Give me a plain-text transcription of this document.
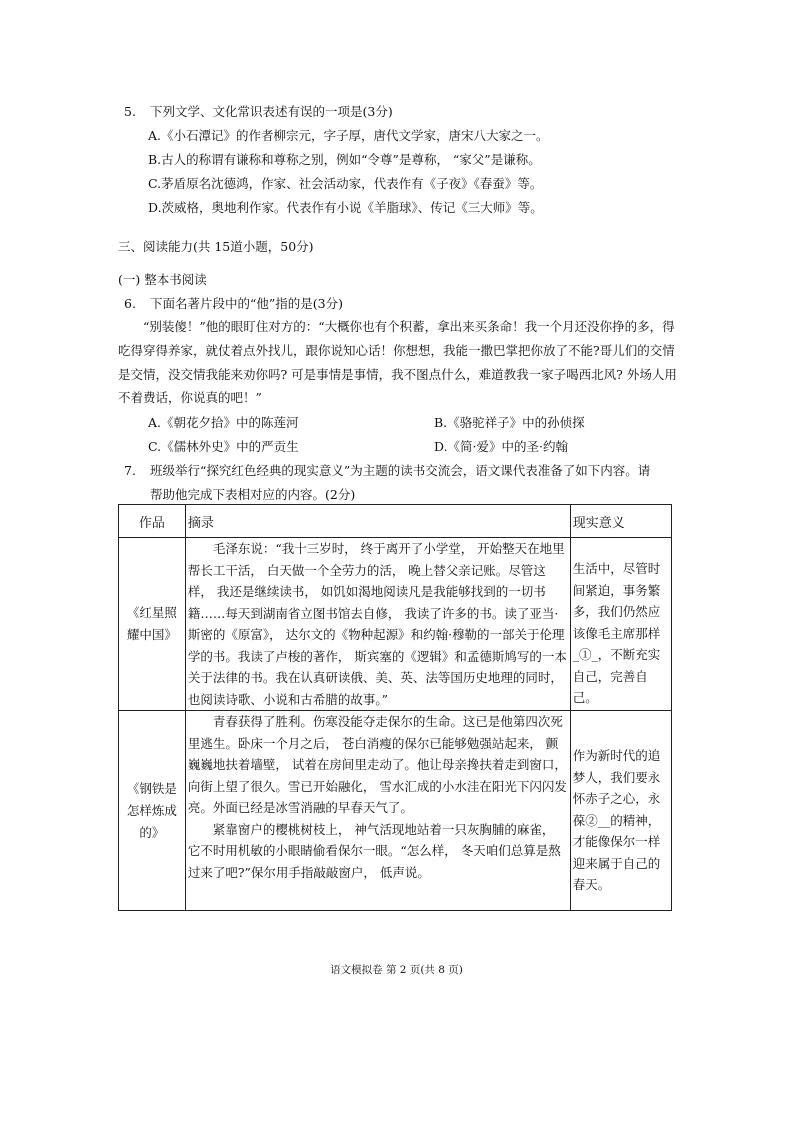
5. 下列文学、文化常识表述有误的一项是(3分)
A.《小石潭记》的作者柳宗元，字子厚，唐代文学家，唐宋八大家之一。
B.古人的称谓有谦称和尊称之别，例如“令尊”是尊称， “家父”是谦称。
C.茅盾原名沈德鸿，作家、社会活动家，代表作有《子夜》《春蚕》等。
D.茨威格，奥地利作家。代表作有小说《羊脂球》、传记《三大师》等。
三、阅读能力(共 15道小题，50分)
(一) 整本书阅读
6. 下面名著片段中的“他”指的是(3分)
“别装傻！”他的眼盯住对方的：“大概你也有个积蓄，拿出来买条命！我一个月还没你挣的多，得吃得穿得养家，就仗着点外找儿，跟你说知心话！你想想，我能一撒巴掌把你放了不能?哥儿们的交情是交情，没交情我能来劝你吗? 可是事情是事情，我不图点什么，难道教我一家子喝西北风? 外场人用不着费话，你说真的吧！”
A.《朝花夕拾》中的陈莲河	B.《骆驼祥子》中的孙侦探
C.《儒林外史》中的严贡生	D.《简·爱》中的圣·约翰
7. 班级举行“探究红色经典的现实意义”为主题的读书交流会，语文课代表准备了如下内容。请
帮助他完成下表相对应的内容。(2分)
作品	摘录	现实意义
《红星照耀中国》	毛泽东说：“我十三岁时， 终于离开了小学堂， 开始整天在地里帮长工干活， 白天做一个全劳力的活， 晚上替父亲记账。尽管这样， 我还是继续读书， 如饥如渴地阅读凡是我能够找到的一切书籍……每天到湖南省立图书馆去自修， 我读了许多的书。读了亚当·斯密的《原富》， 达尔文的《物种起源》和约翰·穆勒的一部关于伦理学的书。我读了卢梭的著作， 斯宾塞的《逻辑》和孟德斯鸠写的一本关于法律的书。我在认真研读俄、美、英、法等国历史地理的同时，也阅读诗歌、小说和古希腊的故事。”	生活中，尽管时间紧迫，事务繁多，我们仍然应该像毛主席那样_①_，不断充实自己，完善自己。
《钢铁是怎样炼成的》	青春获得了胜利。伤寒没能夺走保尔的生命。这已是他第四次死里逃生。卧床一个月之后， 苍白消瘦的保尔已能够勉强站起来， 颤巍巍地扶着墙壁， 试着在房间里走动了。他让母亲搀扶着走到窗口， 向街上望了很久。雪已开始融化， 雪水汇成的小水洼在阳光下闪闪发亮。外面已经是冰雪消融的早春天气了。
紧靠窗户的樱桃树枝上， 神气活现地站着一只灰胸脯的麻雀， 它不时用机敏的小眼睛偷看保尔一眼。“怎么样， 冬天咱们总算是熬过来了吧?”保尔用手指敲敲窗户， 低声说。	作为新时代的追梦人，我们要永怀赤子之心，永葆②__的精神，才能像保尔一样迎来属于自己的春天。
语文模拟卷 第 2 页(共 8 页)
